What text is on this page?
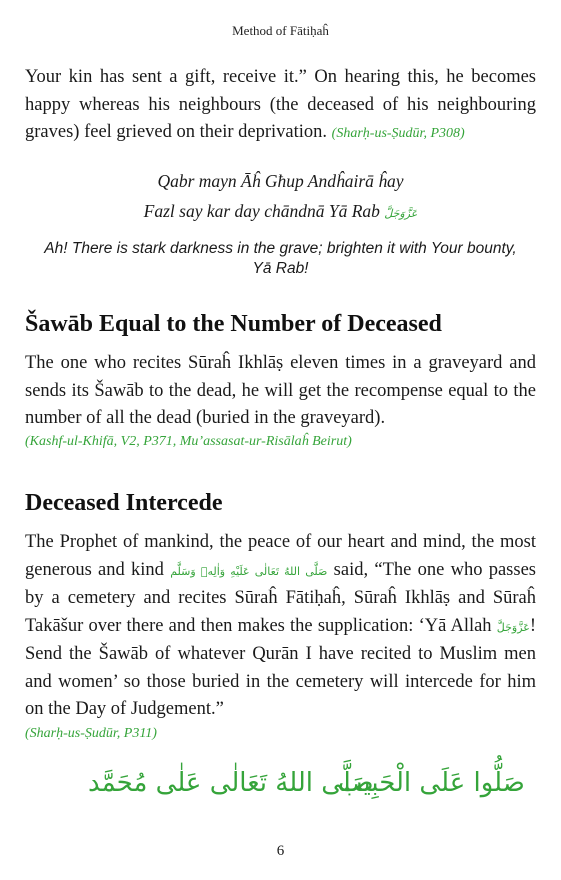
Method of Fātiḥaĥ

Your kin has sent a gift, receive it.” On hearing this, he becomes happy whereas his neighbours (the deceased of his neighbouring graves) feel grieved on their deprivation. (Sharḥ-us-Ṣudūr, P308)

Qabr mayn Āĥ Għup Andĥairā ĥay
Fazl say kar day chāndnā Yā Rab عَزَّوَجَلَّ
Ah! There is stark darkness in the grave; brighten it with Your bounty, Yā Rab!
Šawāb Equal to the Number of Deceased

The one who recites Sūraĥ Ikhlāṣ eleven times in a graveyard and sends its Šawāb to the dead, he will get the recompense equal to the number of all the dead (buried in the graveyard).

(Kashf-ul-Khifā, V2, P371, Mu’assasat-ur-Risālaĥ Beirut)
Deceased Intercede

The Prophet of mankind, the peace of our heart and mind, the most generous and kind صَلَّى اللهُ تَعَالٰى عَلَيْهِ وَاٰلِهٖ وَسَلَّم said, “The one who passes by a cemetery and recites Sūraĥ Fātiḥaĥ, Sūraĥ Ikhlāṣ and Sūraĥ Takāšur over there and then makes the supplication: ‘Yā Allah عَزَّوَجَلَّ! Send the Šawāb of whatever Qurān I have recited to Muslim men and women’ so those buried in the cemetery will intercede for him on the Day of Judgement.”

(Sharḥ-us-Ṣudūr, P311)
صَلَّى اللهُ تَعَالٰى عَلٰى مُحَمَّد
صَلُّوا عَلَى الْحَبِيب
6
